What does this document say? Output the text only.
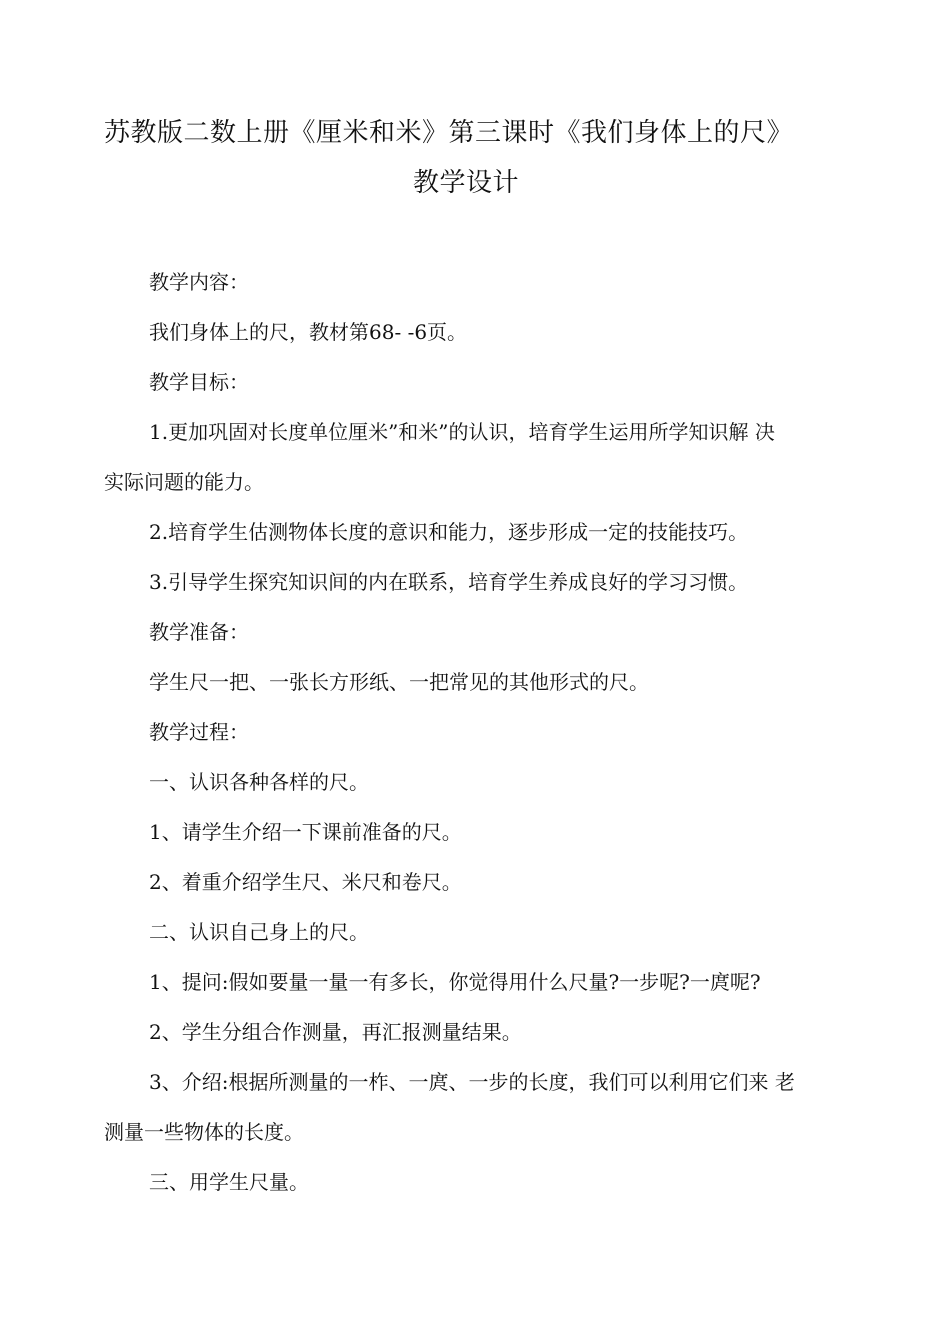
苏教版二数上册《厘米和米》第三课时《我们身体上的尺》
教学设计
教学内容：
我们身体上的尺，教材第68- -6页。
教学目标：
1.更加巩固对长度单位厘米”和米”的认识，培育学生运用所学知识解 决
实际问题的能力。
2.培育学生估测物体长度的意识和能力，逐步形成一定的技能技巧。
3.引导学生探究知识间的内在联系，培育学生养成良好的学习习惯。
教学准备：
学生尺一把、一张长方形纸、一把常见的其他形式的尺。
教学过程：
一、认识各种各样的尺。
1、请学生介绍一下课前准备的尺。
2、着重介绍学生尺、米尺和卷尺。
二、认识自己身上的尺。
1、提问:假如要量一量一有多长，你觉得用什么尺量?一步呢?一庹呢?
2、学生分组合作测量，再汇报测量结果。
3、介绍:根据所测量的一柞、一庹、一步的长度，我们可以利用它们来 老
测量一些物体的长度。
三、用学生尺量。
